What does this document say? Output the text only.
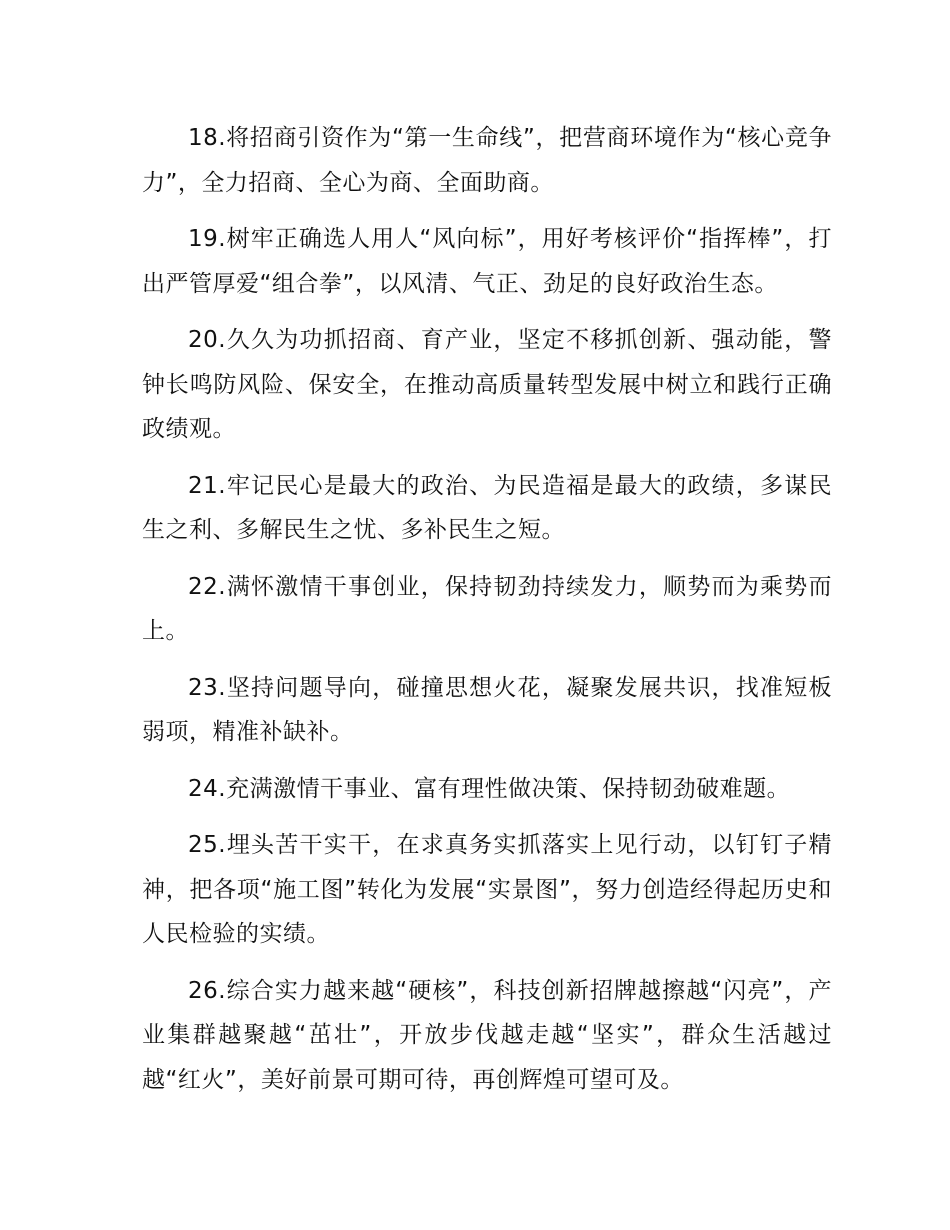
18.将招商引资作为“第一生命线”，把营商环境作为“核心竞争力”，全力招商、全心为商、全面助商。

19.树牢正确选人用人“风向标”，用好考核评价“指挥棒”，打出严管厚爱“组合拳”，以风清、气正、劲足的良好政治生态。

20.久久为功抓招商、育产业，坚定不移抓创新、强动能，警钟长鸣防风险、保安全，在推动高质量转型发展中树立和践行正确政绩观。

21.牢记民心是最大的政治、为民造福是最大的政绩，多谋民生之利、多解民生之忧、多补民生之短。

22.满怀激情干事创业，保持韧劲持续发力，顺势而为乘势而上。

23.坚持问题导向，碰撞思想火花，凝聚发展共识，找准短板弱项，精准补缺补。

24.充满激情干事业、富有理性做决策、保持韧劲破难题。

25.埋头苦干实干，在求真务实抓落实上见行动，以钉钉子精神，把各项“施工图”转化为发展“实景图”，努力创造经得起历史和人民检验的实绩。

26.综合实力越来越“硬核”，科技创新招牌越擦越“闪亮”，产业集群越聚越“茁壮”，开放步伐越走越“坚实”，群众生活越过越“红火”，美好前景可期可待，再创辉煌可望可及。
